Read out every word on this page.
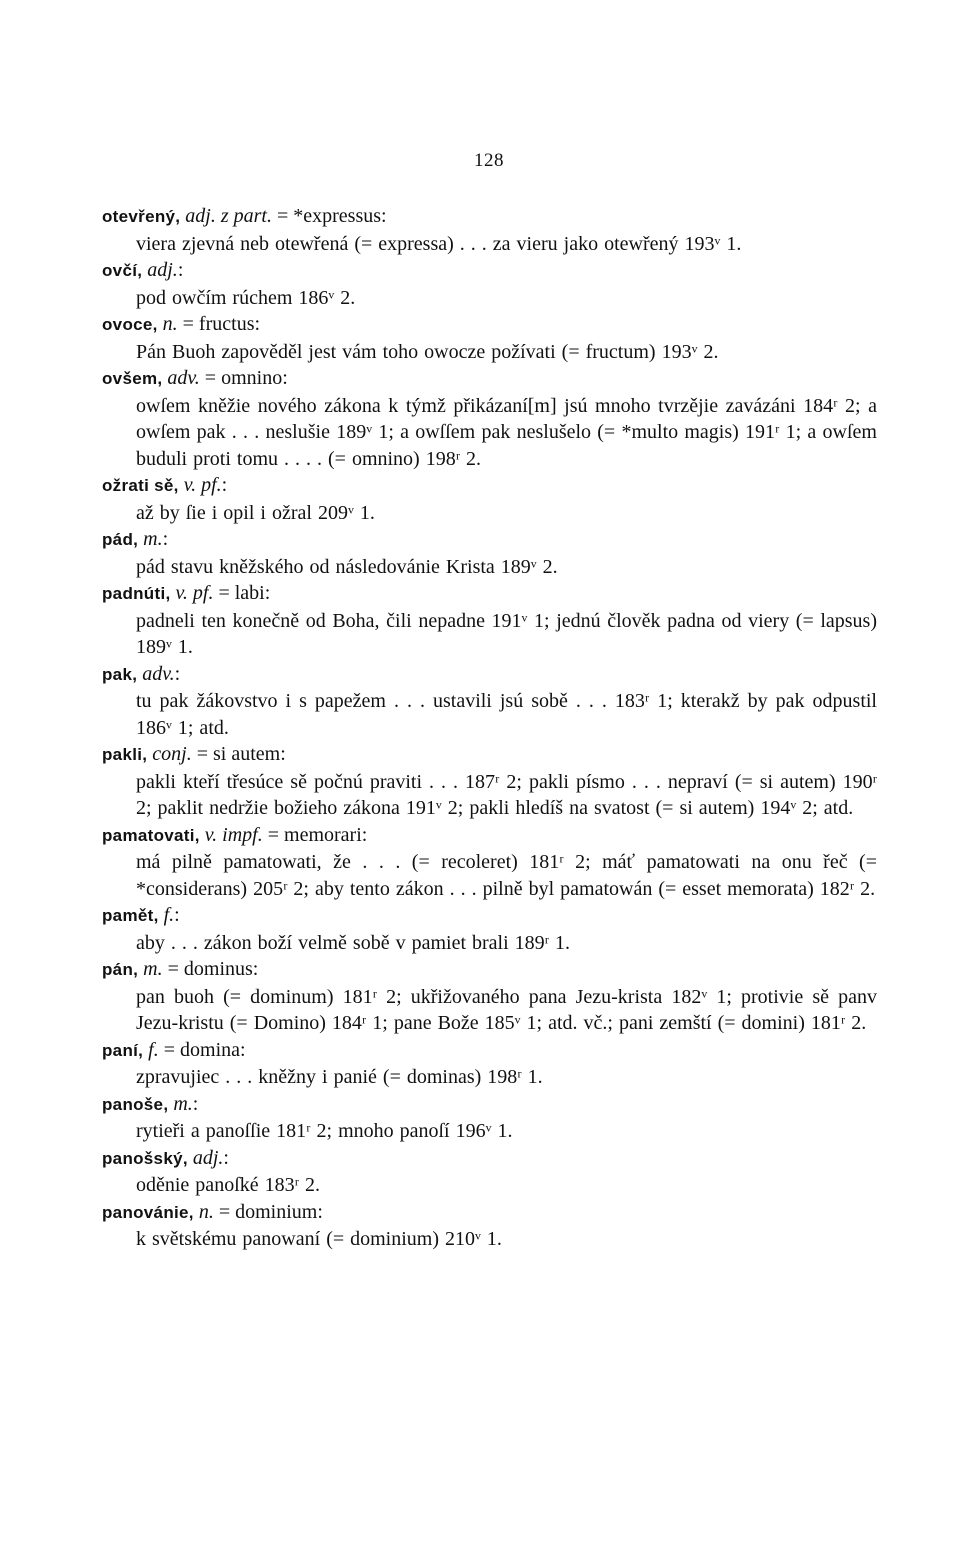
128
otevřený, adj. z part. = *expressus:
viera zjevná neb otewřená (= expressa) . . . za vieru jako otewřený 193ᵛ 1.
ovčí, adj.:
pod owčím rúchem 186ᵛ 2.
ovoce, n. = fructus:
Pán Buoh zapověděl jest vám toho owocze požívati (= fructum) 193ᵛ 2.
ovšem, adv. = omnino:
owſem kněžie nového zákona k týmž přikázaní[m] jsú mnoho tvrzějie zavázáni 184ʳ 2; a owſem pak . . . neslušie 189ᵛ 1; a owſſem pak neslušelo (= *multo magis) 191ʳ 1; a owſem buduli proti tomu . . . . (= omnino) 198ʳ 2.
ožrati sě, v. pf.:
až by ſie i opil i ožral 209ᵛ 1.
pád, m.:
pád stavu kněžského od následovánie Krista 189ᵛ 2.
padnúti, v. pf. = labi:
padneli ten konečně od Boha, čili nepadne 191ᵛ 1; jednú člověk padna od viery (= lapsus) 189ᵛ 1.
pak, adv.:
tu pak žákovstvo i s papežem . . . ustavili jsú sobě . . . 183ʳ 1; kterakž by pak odpustil 186ᵛ 1; atd.
pakli, conj. = si autem:
pakli kteří třesúce sě počnú praviti . . . 187ʳ 2; pakli písmo . . . nepraví (= si autem) 190ʳ 2; paklit nedržie božieho zákona 191ᵛ 2; pakli hledíš na svatost (= si autem) 194ᵛ 2; atd.
pamatovati, v. impf. = memorari:
má pilně pamatowati, že . . . (= recoleret) 181ʳ 2; máť pamatowati na onu řeč (= *considerans) 205ʳ 2; aby tento zákon . . . pilně byl pamatowán (= esset memorata) 182ʳ 2.
pamět, f.:
aby . . . zákon boží velmě sobě v pamiet brali 189ʳ 1.
pán, m. = dominus:
pan buoh (= dominum) 181ʳ 2; ukřižovaného pana Jezu-krista 182ᵛ 1; protivie sě panv Jezu-kristu (= Domino) 184ʳ 1; pane Bože 185ᵛ 1; atd. vč.; pani zemští (= domini) 181ʳ 2.
paní, f. = domina:
zpravujiec . . . kněžny i panié (= dominas) 198ʳ 1.
panoše, m.:
rytieři a panoſſie 181ʳ 2; mnoho panoſí 196ᵛ 1.
panošský, adj.:
oděnie panoſké 183ʳ 2.
panovánie, n. = dominium:
k světskému panowaní (= dominium) 210ᵛ 1.
